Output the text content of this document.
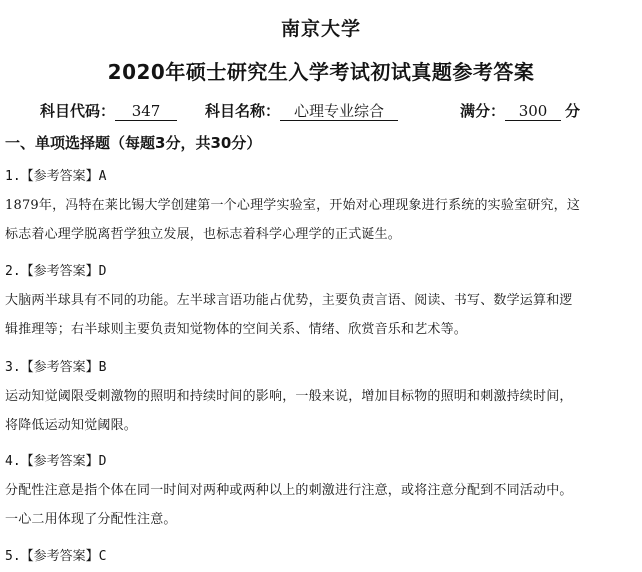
南京大学
2020年硕士研究生入学考试初试真题参考答案
科目代码： 347	科目名称： 心理专业综合	满分： 300 分
一、单项选择题（每题3分，共30分）
1.【参考答案】A
1879年，冯特在莱比锡大学创建第一个心理学实验室，开始对心理现象进行系统的实验室研究，这
标志着心理学脱离哲学独立发展，也标志着科学心理学的正式诞生。
2.【参考答案】D
大脑两半球具有不同的功能。左半球言语功能占优势，主要负责言语、阅读、书写、数学运算和逻
辑推理等；右半球则主要负责知觉物体的空间关系、情绪、欣赏音乐和艺术等。
3.【参考答案】B
运动知觉阈限受刺激物的照明和持续时间的影响，一般来说，增加目标物的照明和刺激持续时间，
将降低运动知觉阈限。
4.【参考答案】D
分配性注意是指个体在同一时间对两种或两种以上的刺激进行注意，或将注意分配到不同活动中。
一心二用体现了分配性注意。
5.【参考答案】C
